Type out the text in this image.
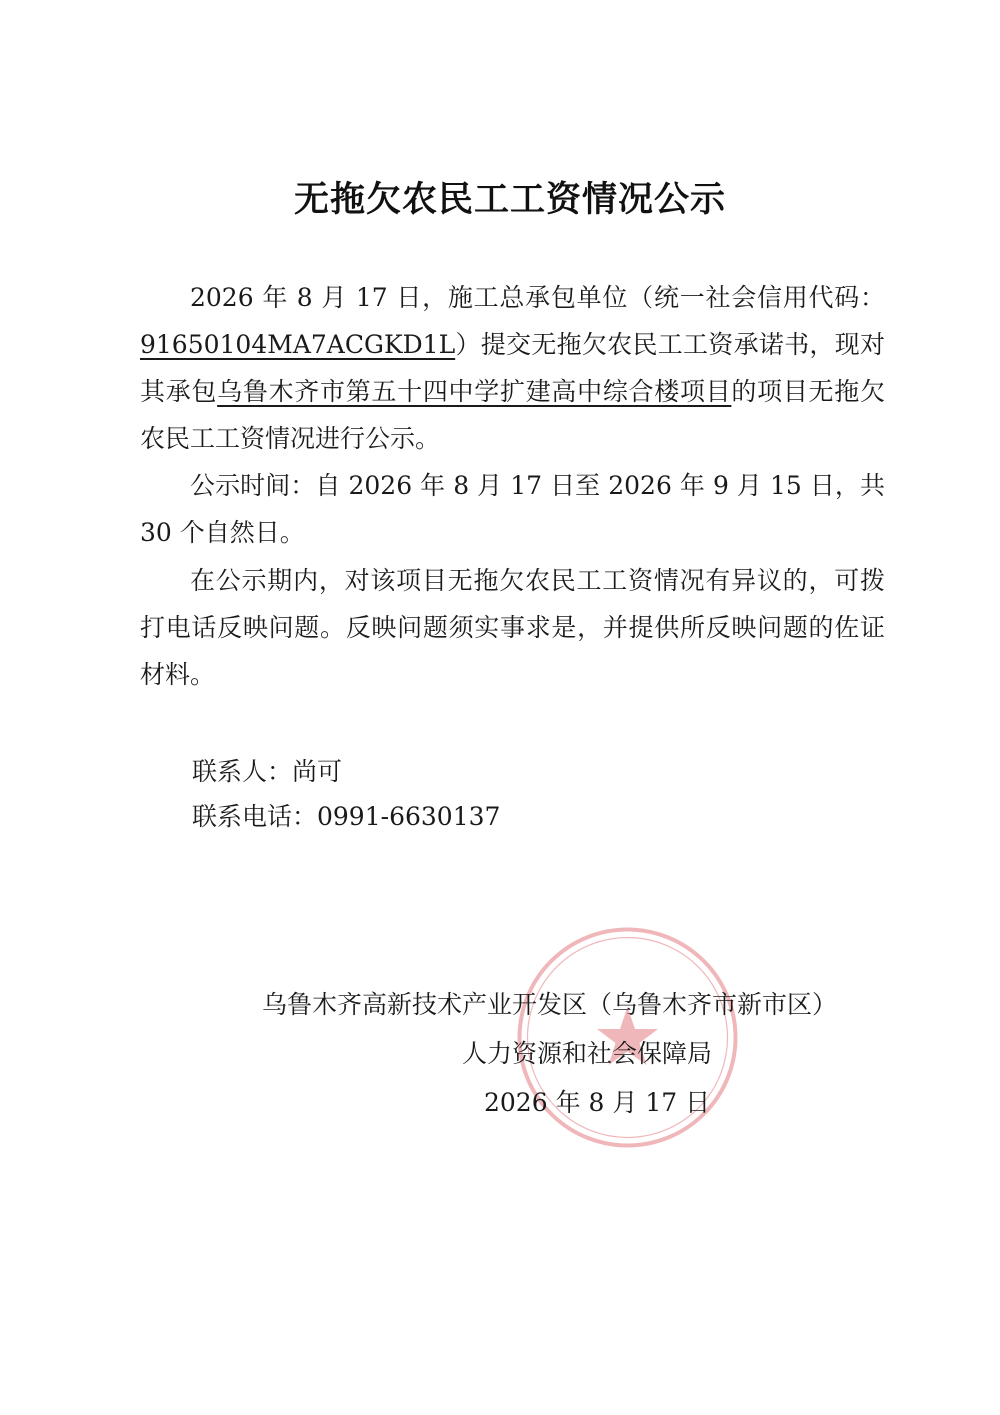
无拖欠农民工工资情况公示

2026 年 8 月 17 日，施工总承包单位（统一社会信用代码：91650104MA7ACGKD1L）提交无拖欠农民工工资承诺书，现对其承包乌鲁木齐市第五十四中学扩建高中综合楼项目的项目无拖欠农民工工资情况进行公示。

公示时间：自 2026 年 8 月 17 日至 2026 年 9 月 15 日，共 30 个自然日。

在公示期内，对该项目无拖欠农民工工资情况有异议的，可拨打电话反映问题。反映问题须实事求是，并提供所反映问题的佐证材料。

联系人：尚可

联系电话：0991-6630137

乌鲁木齐高新技术产业开发区（乌鲁木齐市新市区）

人力资源和社会保障局

2026 年 8 月 17 日
